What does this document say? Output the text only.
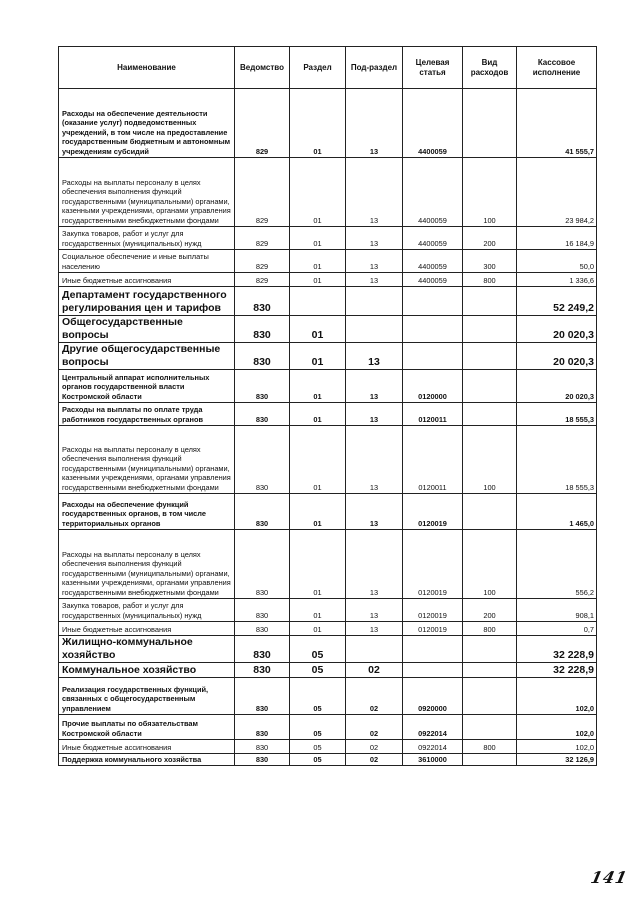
Наименование	Ведомство	Раздел	Под-раздел	Целевая статья	Вид расходов	Кассовое исполнение
Расходы на обеспечение деятельности (оказание услуг) подведомственных учреждений, в том числе на предоставление государственным бюджетным и автономным учреждениям субсидий	829	01	13	4400059		41 555,7
Расходы на выплаты персоналу в целях обеспечения выполнения функций государственными (муниципальными) органами, казенными учреждениями, органами управления государственными внебюджетными фондами	829	01	13	4400059	100	23 984,2
Закупка товаров, работ и услуг для государственных (муниципальных) нужд	829	01	13	4400059	200	16 184,9
Социальное обеспечение и иные выплаты населению	829	01	13	4400059	300	50,0
Иные бюджетные ассигнования	829	01	13	4400059	800	1 336,6
Департамент государственного регулирования цен и тарифов	830					52 249,2
Общегосударственные вопросы	830	01				20 020,3
Другие общегосударственные вопросы	830	01	13			20 020,3
Центральный аппарат исполнительных органов государственной власти Костромской области	830	01	13	0120000		20 020,3
Расходы на выплаты по оплате труда работников государственных органов	830	01	13	0120011		18 555,3
Расходы на выплаты персоналу в целях обеспечения выполнения функций государственными (муниципальными) органами, казенными учреждениями, органами управления государственными внебюджетными фондами	830	01	13	0120011	100	18 555,3
Расходы на обеспечение функций государственных органов, в том числе территориальных органов	830	01	13	0120019		1 465,0
Расходы на выплаты персоналу в целях обеспечения выполнения функций государственными (муниципальными) органами, казенными учреждениями, органами управления государственными внебюджетными фондами	830	01	13	0120019	100	556,2
Закупка товаров, работ и услуг для государственных (муниципальных) нужд	830	01	13	0120019	200	908,1
Иные бюджетные ассигнования	830	01	13	0120019	800	0,7
Жилищно-коммунальное хозяйство	830	05				32 228,9
Коммунальное хозяйство	830	05	02			32 228,9
Реализация государственных функций, связанных с общегосударственным управлением	830	05	02	0920000		102,0
Прочие выплаты по обязательствам Костромской области	830	05	02	0922014		102,0
Иные бюджетные ассигнования	830	05	02	0922014	800	102,0
Поддержка коммунального хозяйства	830	05	02	3610000		32 126,9
141
